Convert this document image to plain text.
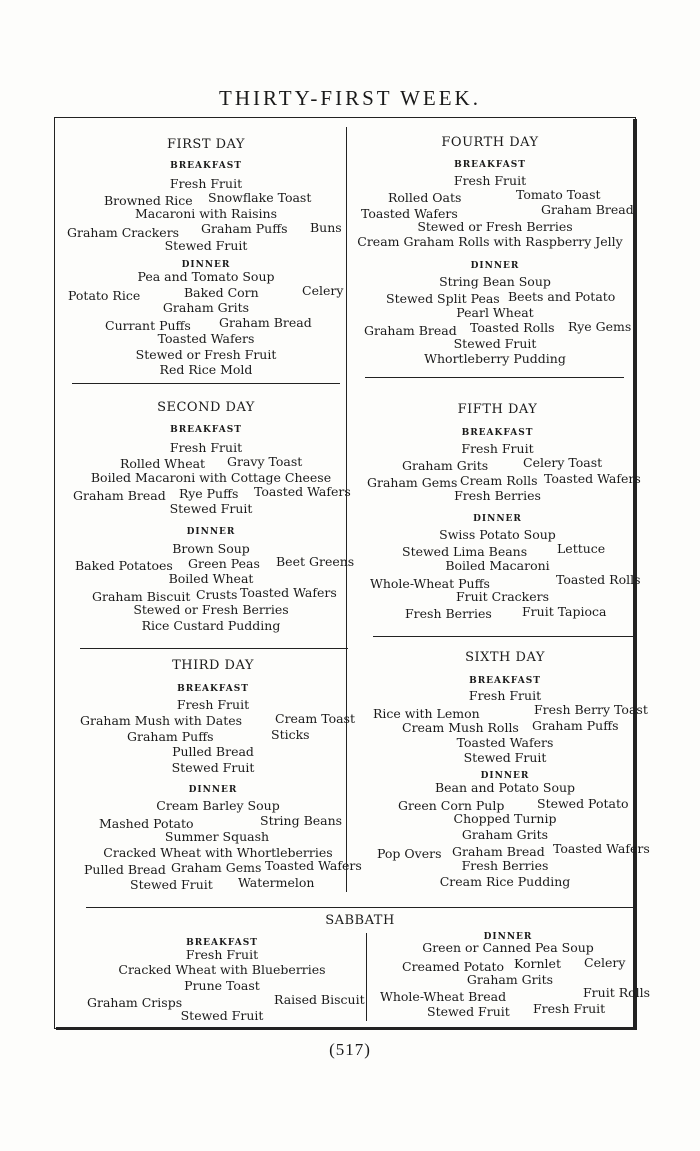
THIRTY-FIRST WEEK.
FIRST DAY
BREAKFAST
Fresh Fruit
Browned Rice Snowflake Toast
Macaroni with Raisins
Graham Crackers Graham Puffs Buns
Stewed Fruit
DINNER
Pea and Tomato Soup
Potato Rice	Baked Corn	Celery
Graham Grits
Currant Puffs Graham Bread
Toasted Wafers
Stewed or Fresh Fruit
Red Rice Mold
SECOND DAY
BREAKFAST
Fresh Fruit
Rolled Wheat Gravy Toast
Boiled Macaroni with Cottage Cheese
Graham Bread Rye Puffs Toasted Wafers
Stewed Fruit
DINNER
Brown Soup
Baked Potatoes Green Peas Beet Greens
Boiled Wheat
Graham Biscuit Crusts Toasted Wafers
Stewed or Fresh Berries
Rice Custard Pudding
THIRD DAY
BREAKFAST
Fresh Fruit
Graham Mush with Dates	Cream Toast
Graham Puffs	Sticks
Pulled Bread
Stewed Fruit
DINNER
Cream Barley Soup
Mashed Potato	String Beans
Summer Squash
Cracked Wheat with Whortleberries
Pulled Bread Graham Gems Toasted Wafers
Stewed Fruit Watermelon
FOURTH DAY
BREAKFAST
Fresh Fruit
Rolled Oats	Tomato Toast
Toasted Wafers	Graham Bread
Stewed or Fresh Berries
Cream Graham Rolls with Raspberry Jelly
DINNER
String Bean Soup
Stewed Split Peas Beets and Potato
Pearl Wheat
Graham Bread Toasted Rolls Rye Gems
Stewed Fruit
Whortleberry Pudding
FIFTH DAY
BREAKFAST
Fresh Fruit
Graham Grits	Celery Toast
Graham Gems Cream Rolls Toasted Wafers
Fresh Berries
DINNER
Swiss Potato Soup
Stewed Lima Beans Lettuce
Boiled Macaroni
Whole-Wheat Puffs	Toasted Rolls
Fruit Crackers
Fresh Berries Fruit Tapioca
SIXTH DAY
BREAKFAST
Fresh Fruit
Rice with Lemon	Fresh Berry Toast
Cream Mush Rolls Graham Puffs
Toasted Wafers
Stewed Fruit
DINNER
Bean and Potato Soup
Green Corn Pulp	Stewed Potato
Chopped Turnip
Graham Grits
Pop Overs Graham Bread Toasted Wafers
Fresh Berries
Cream Rice Pudding
SABBATH
BREAKFAST
Fresh Fruit
Cracked Wheat with Blueberries
Prune Toast
Graham Crisps	Raised Biscuit
Stewed Fruit
DINNER
Green or Canned Pea Soup
Creamed Potato Kornlet Celery
Graham Grits
Whole-Wheat Bread	Fruit Rolls
Stewed Fruit Fresh Fruit
(517)
